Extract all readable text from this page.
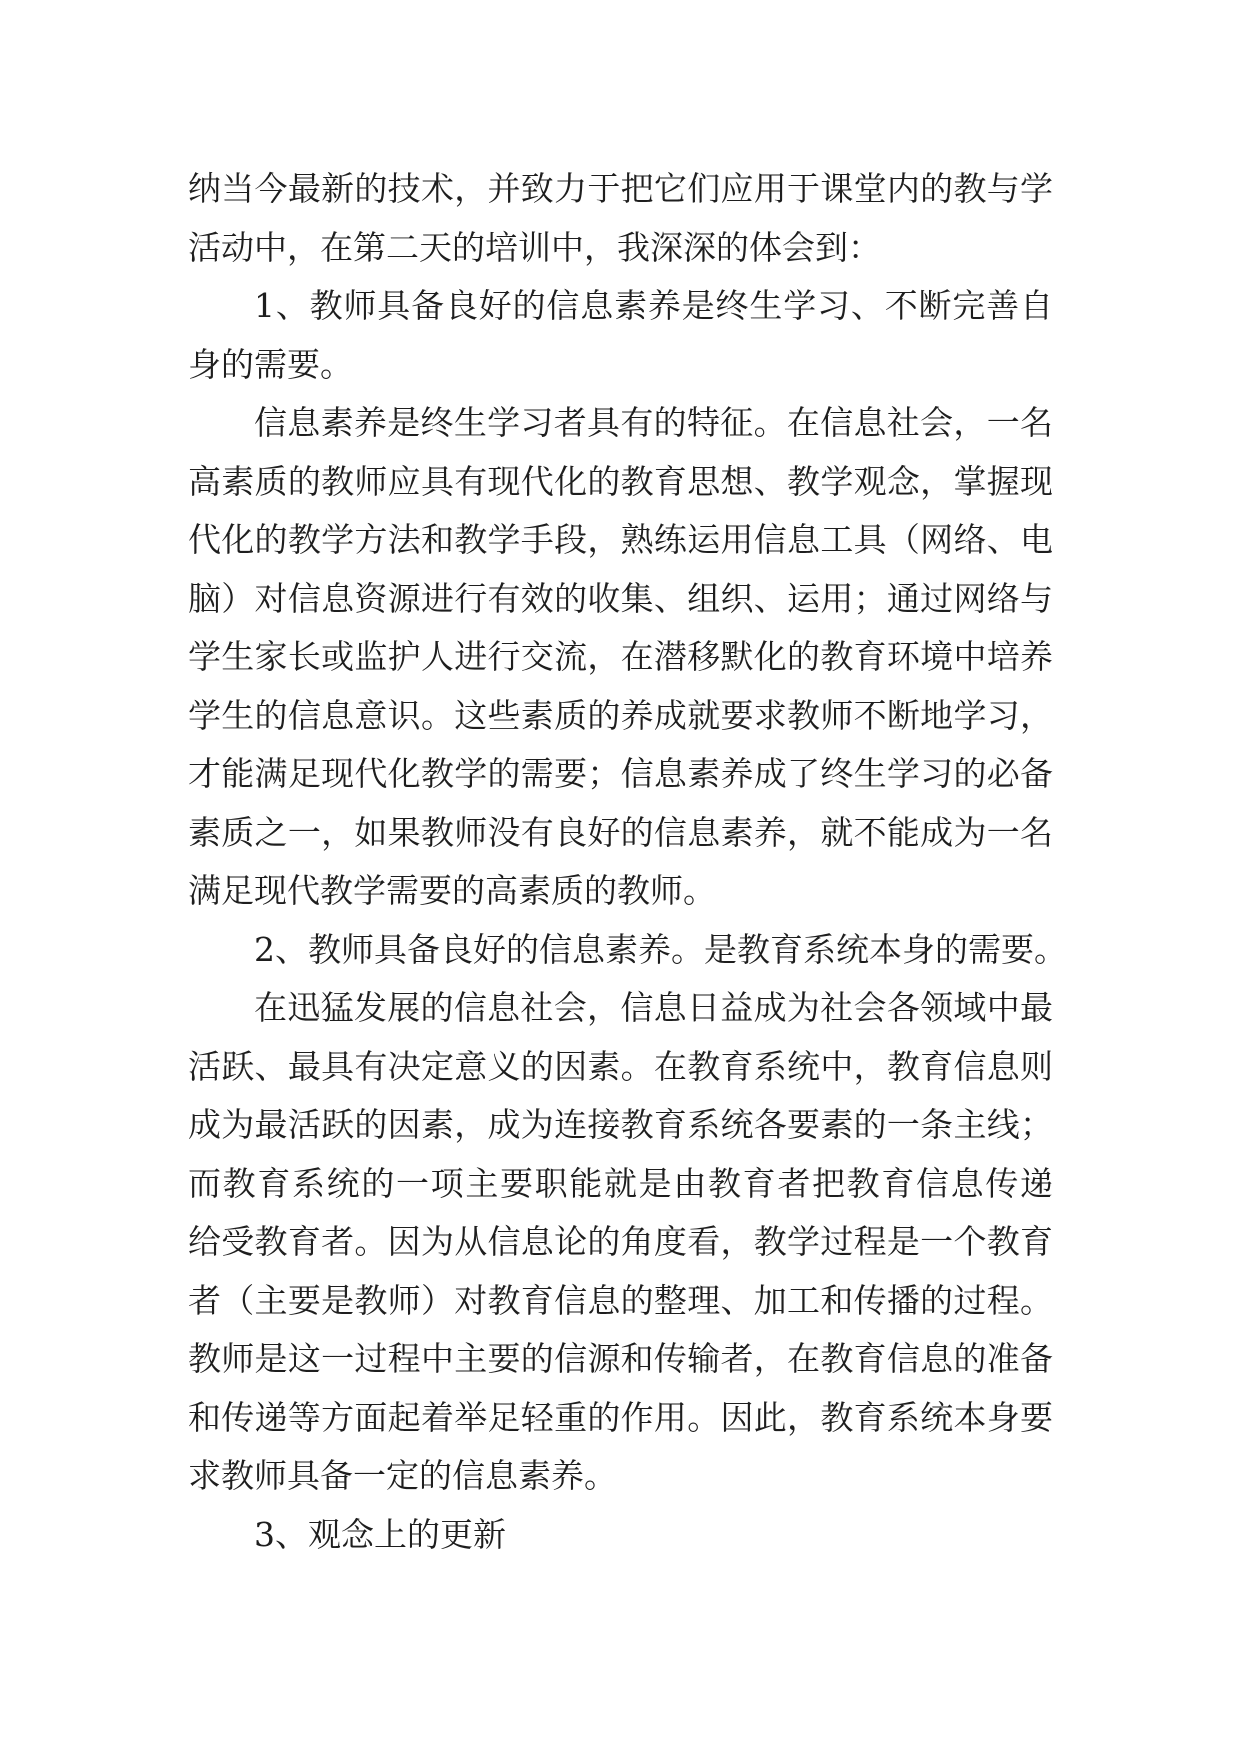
纳当今最新的技术，并致力于把它们应用于课堂内的教与学
活动中，在第二天的培训中，我深深的体会到：
1、教师具备良好的信息素养是终生学习、不断完善自
身的需要。
信息素养是终生学习者具有的特征。在信息社会，一名
高素质的教师应具有现代化的教育思想、教学观念，掌握现
代化的教学方法和教学手段，熟练运用信息工具（网络、电
脑）对信息资源进行有效的收集、组织、运用；通过网络与
学生家长或监护人进行交流，在潜移默化的教育环境中培养
学生的信息意识。这些素质的养成就要求教师不断地学习，
才能满足现代化教学的需要；信息素养成了终生学习的必备
素质之一，如果教师没有良好的信息素养，就不能成为一名
满足现代教学需要的高素质的教师。
2、教师具备良好的信息素养。是教育系统本身的需要。
在迅猛发展的信息社会，信息日益成为社会各领域中最
活跃、最具有决定意义的因素。在教育系统中，教育信息则
成为最活跃的因素，成为连接教育系统各要素的一条主线；
而教育系统的一项主要职能就是由教育者把教育信息传递
给受教育者。因为从信息论的角度看，教学过程是一个教育
者（主要是教师）对教育信息的整理、加工和传播的过程。
教师是这一过程中主要的信源和传输者，在教育信息的准备
和传递等方面起着举足轻重的作用。因此，教育系统本身要
求教师具备一定的信息素养。
3、观念上的更新
